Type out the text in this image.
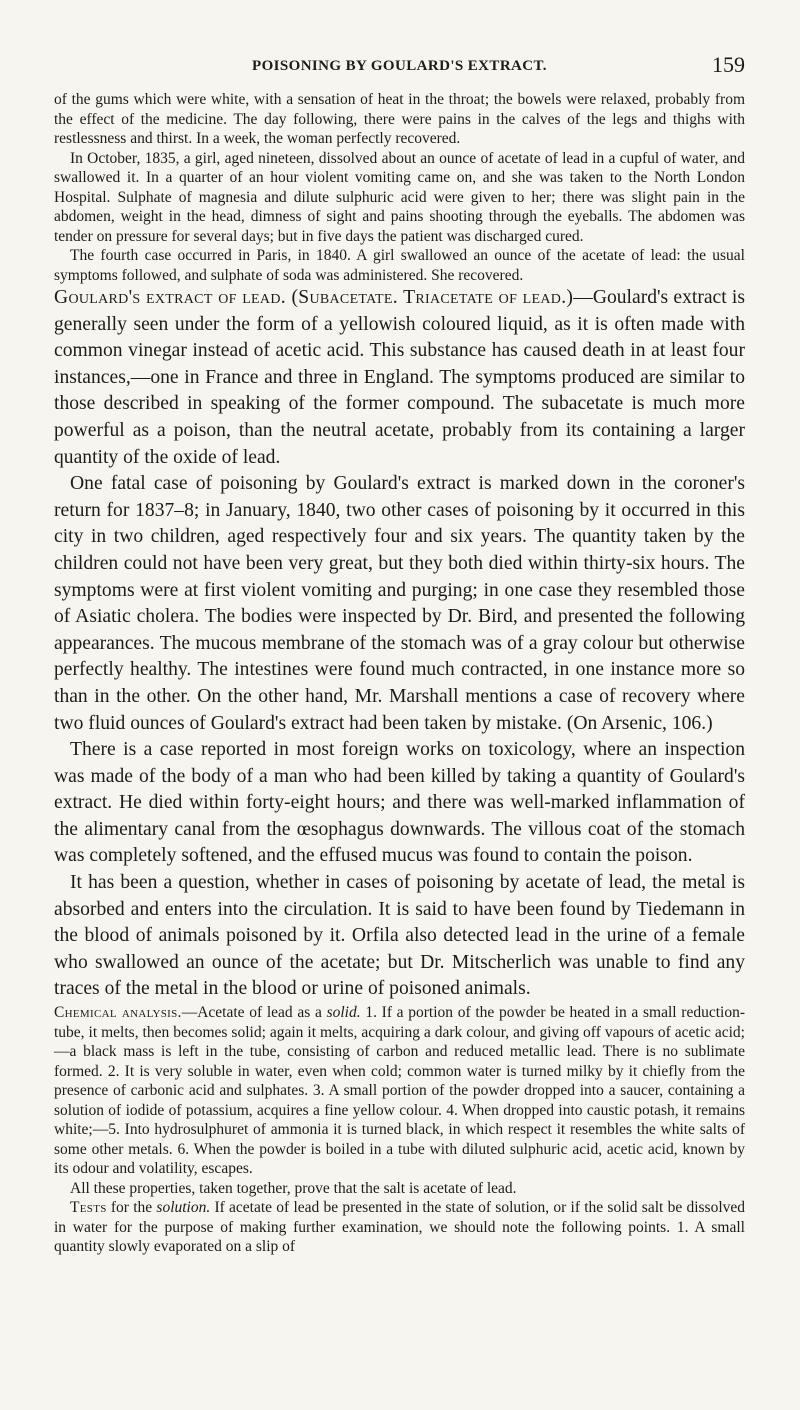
POISONING BY GOULARD'S EXTRACT.	159

of the gums which were white, with a sensation of heat in the throat; the bowels were relaxed, probably from the effect of the medicine. The day following, there were pains in the calves of the legs and thighs with restlessness and thirst. In a week, the woman perfectly recovered.

In October, 1835, a girl, aged nineteen, dissolved about an ounce of acetate of lead in a cupful of water, and swallowed it. In a quarter of an hour violent vomiting came on, and she was taken to the North London Hospital. Sulphate of magnesia and dilute sulphuric acid were given to her; there was slight pain in the abdomen, weight in the head, dimness of sight and pains shooting through the eyeballs. The abdomen was tender on pressure for several days; but in five days the patient was discharged cured.

The fourth case occurred in Paris, in 1840. A girl swallowed an ounce of the acetate of lead: the usual symptoms followed, and sulphate of soda was administered. She recovered.

Goulard's extract of lead. (Subacetate. Triacetate of lead.)—Goulard's extract is generally seen under the form of a yellowish coloured liquid, as it is often made with common vinegar instead of acetic acid. This substance has caused death in at least four instances,—one in France and three in England. The symptoms produced are similar to those described in speaking of the former compound. The subacetate is much more powerful as a poison, than the neutral acetate, probably from its containing a larger quantity of the oxide of lead.

One fatal case of poisoning by Goulard's extract is marked down in the coroner's return for 1837–8; in January, 1840, two other cases of poisoning by it occurred in this city in two children, aged respectively four and six years. The quantity taken by the children could not have been very great, but they both died within thirty-six hours. The symptoms were at first violent vomiting and purging; in one case they resembled those of Asiatic cholera. The bodies were inspected by Dr. Bird, and presented the following appearances. The mucous membrane of the stomach was of a gray colour but otherwise perfectly healthy. The intestines were found much contracted, in one instance more so than in the other. On the other hand, Mr. Marshall mentions a case of recovery where two fluid ounces of Goulard's extract had been taken by mistake. (On Arsenic, 106.)

There is a case reported in most foreign works on toxicology, where an inspection was made of the body of a man who had been killed by taking a quantity of Goulard's extract. He died within forty-eight hours; and there was well-marked inflammation of the alimentary canal from the œsophagus downwards. The villous coat of the stomach was completely softened, and the effused mucus was found to contain the poison.

It has been a question, whether in cases of poisoning by acetate of lead, the metal is absorbed and enters into the circulation. It is said to have been found by Tiedemann in the blood of animals poisoned by it. Orfila also detected lead in the urine of a female who swallowed an ounce of the acetate; but Dr. Mitscherlich was unable to find any traces of the metal in the blood or urine of poisoned animals.

Chemical analysis.—Acetate of lead as a solid. 1. If a portion of the powder be heated in a small reduction-tube, it melts, then becomes solid; again it melts, acquiring a dark colour, and giving off vapours of acetic acid;—a black mass is left in the tube, consisting of carbon and reduced metallic lead. There is no sublimate formed. 2. It is very soluble in water, even when cold; common water is turned milky by it chiefly from the presence of carbonic acid and sulphates. 3. A small portion of the powder dropped into a saucer, containing a solution of iodide of potassium, acquires a fine yellow colour. 4. When dropped into caustic potash, it remains white;—5. Into hydrosulphuret of ammonia it is turned black, in which respect it resembles the white salts of some other metals. 6. When the powder is boiled in a tube with diluted sulphuric acid, acetic acid, known by its odour and volatility, escapes.

All these properties, taken together, prove that the salt is acetate of lead.

Tests for the solution. If acetate of lead be presented in the state of solution, or if the solid salt be dissolved in water for the purpose of making further examination, we should note the following points. 1. A small quantity slowly evaporated on a slip of
